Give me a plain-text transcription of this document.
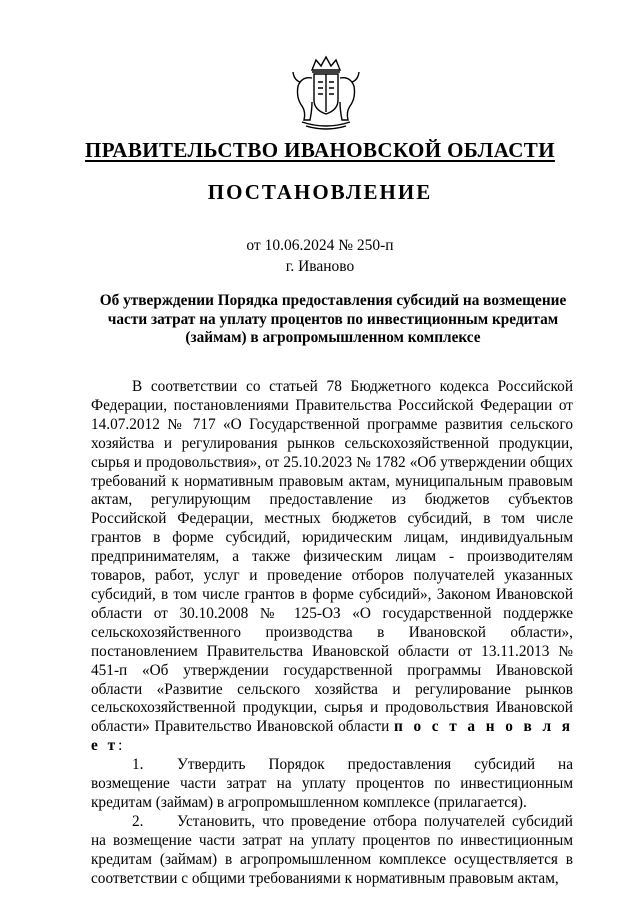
ПРАВИТЕЛЬСТВО ИВАНОВСКОЙ ОБЛАСТИ
ПОСТАНОВЛЕНИЕ
от 10.06.2024 № 250-п
г. Иваново
Об утверждении Порядка предоставления субсидий на возмещение части затрат на уплату процентов по инвестиционным кредитам (займам) в агропромышленном комплексе

В соответствии со статьей 78 Бюджетного кодекса Российской Федерации, постановлениями Правительства Российской Федерации от 14.07.2012 № 717 «О Государственной программе развития сельского хозяйства и регулирования рынков сельскохозяйственной продукции, сырья и продовольствия», от 25.10.2023 № 1782 «Об утверждении общих требований к нормативным правовым актам, муниципальным правовым актам, регулирующим предоставление из бюджетов субъектов Российской Федерации, местных бюджетов субсидий, в том числе грантов в форме субсидий, юридическим лицам, индивидуальным предпринимателям, а также физическим лицам - производителям товаров, работ, услуг и проведение отборов получателей указанных субсидий, в том числе грантов в форме субсидий», Законом Ивановской области от 30.10.2008 № 125-ОЗ «О государственной поддержке сельскохозяйственного производства в Ивановской области», постановлением Правительства Ивановской области от 13.11.2013 № 451-п «Об утверждении государственной программы Ивановской области «Развитие сельского хозяйства и регулирование рынков сельскохозяйственной продукции, сырья и продовольствия Ивановской области» Правительство Ивановской области п о с т а н о в л я е т:

1. Утвердить Порядок предоставления субсидий на возмещение части затрат на уплату процентов по инвестиционным кредитам (займам) в агропромышленном комплексе (прилагается).

2. Установить, что проведение отбора получателей субсидий на возмещение части затрат на уплату процентов по инвестиционным кредитам (займам) в агропромышленном комплексе осуществляется в соответствии с общими требованиями к нормативным правовым актам,
